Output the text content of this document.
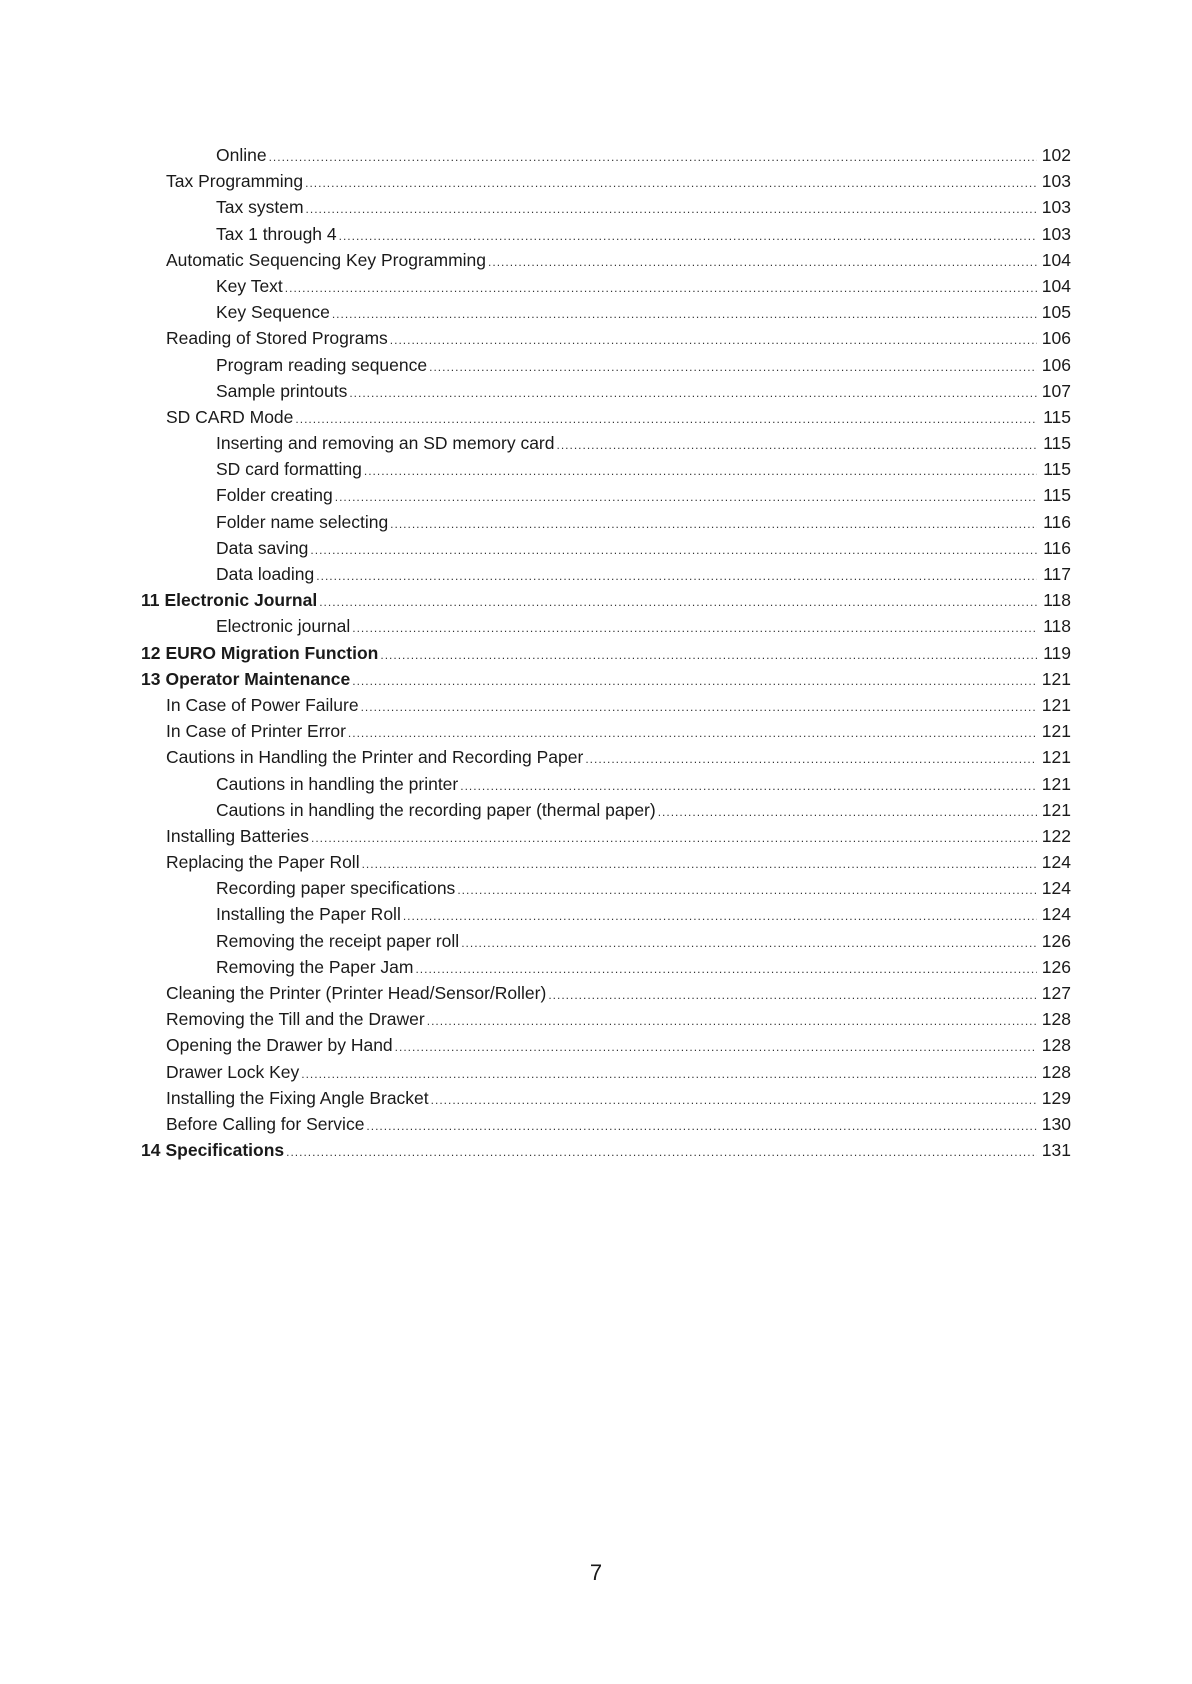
Online .....	102
Tax Programming .....	103
Tax system .....	103
Tax 1 through 4 .....	103
Automatic Sequencing Key Programming .....	104
Key Text .....	104
Key Sequence .....	105
Reading of Stored Programs .....	106
Program reading sequence .....	106
Sample printouts .....	107
SD CARD Mode .....	115
Inserting and removing an SD memory card .....	115
SD card formatting .....	115
Folder creating .....	115
Folder name selecting .....	116
Data saving .....	116
Data loading .....	117
11 Electronic Journal .....	118
Electronic journal .....	118
12 EURO Migration Function .....	119
13 Operator Maintenance .....	121
In Case of Power Failure .....	121
In Case of Printer Error .....	121
Cautions in Handling the Printer and Recording Paper .....	121
Cautions in handling the printer .....	121
Cautions in handling the recording paper (thermal paper) .....	121
Installing Batteries .....	122
Replacing the Paper Roll .....	124
Recording paper specifications .....	124
Installing the Paper Roll .....	124
Removing the receipt paper roll .....	126
Removing the Paper Jam .....	126
Cleaning the Printer (Printer Head/Sensor/Roller) .....	127
Removing the Till and the Drawer .....	128
Opening the Drawer by Hand .....	128
Drawer Lock Key .....	128
Installing the Fixing Angle Bracket .....	129
Before Calling for Service .....	130
14 Specifications .....	131
7
